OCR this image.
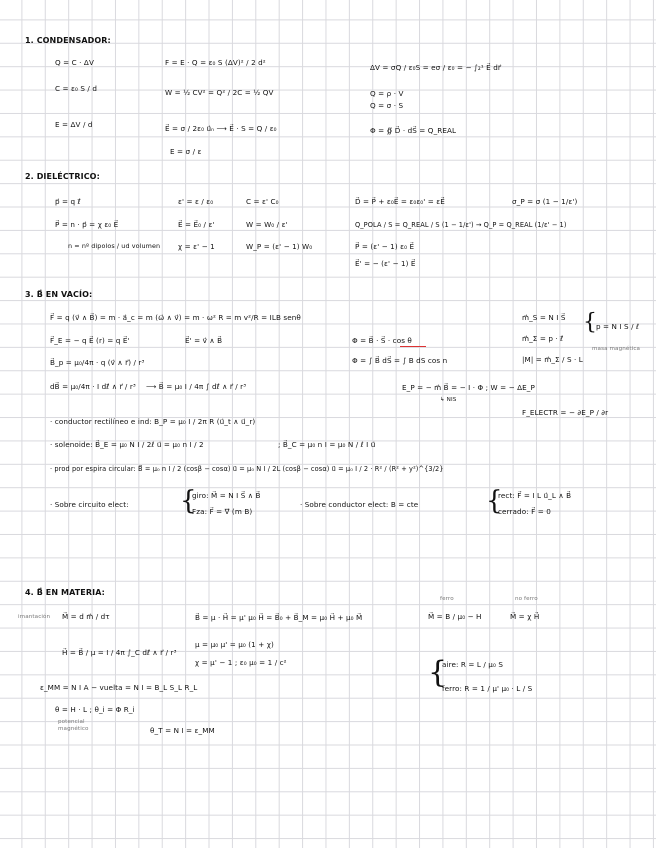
1. CONDENSADOR:
Q = C · ΔV
C = ε₀ S / d
E = ΔV / d
F = E · Q = ε₀ S (ΔV)² / 2 d²
W = ½ CV² = Q² / 2C = ½ QV
E⃗ = σ / 2ε₀ u⃗ₙ ⟶ E⃗ · S = Q / ε₀
E = σ / ε
ΔV = σQ / ε₀S = eσ / ε₀ = − ∫₂¹ E⃗ dr⃗
Q = ρ · V
Q = σ · S
Φ = ∯ D⃗ · dS⃗ = Q_REAL
2. DIELÉCTRICO:
p⃗ = q ℓ⃗
P⃗ = n · p⃗ = χ ε₀ E⃗
n = nº dipolos / ud volumen
ε' = ε / ε₀
E⃗ = E⃗₀ / ε'
χ = ε' − 1
C = ε' C₀
W = W₀ / ε'
W_P = (ε' − 1) W₀
D⃗ = P⃗ + ε₀E⃗ = ε₀ε₀' = εE⃗
Q_POLA / S = Q_REAL / S (1 − 1/ε') → Q_P = Q_REAL (1/ε' − 1)
P⃗ = (ε' − 1) ε₀ E⃗
E⃗' = − (ε' − 1) E⃗
σ_P = σ (1 − 1/ε')
3. B⃗ EN VACÍO:
F⃗ = q (v⃗ ∧ B⃗) = m · a⃗_c = m (ω⃗ ∧ v⃗) = m · ω² R = m v²/R = ILB senθ
F⃗_E = − q E⃗ (r) = q E⃗'	E⃗' = v⃗ ∧ B⃗	Φ = B⃗ · S⃗ · cos θ
B⃗_p = μ₀/4π · q (v⃗ ∧ r⃗) / r³	Φ = ∫ B⃗ dS⃗ = ∫ B dS cos n
dB⃗ = μ₀/4π · I dℓ⃗ ∧ r⃗ / r³ ⟶ B⃗ = μ₀ I / 4π ∫ dℓ⃗ ∧ r⃗ / r³	E_P = − m⃗ B⃗ = − I · Φ ; W = − ΔE_P
↳ NIS
m⃗_S = N I S⃗
m⃗_Σ = p · ℓ⃗
|M| = m⃗_Σ / S · L
{
p = N I S / ℓ
masa magnética
F_ELECTR = − ∂E_P / ∂r
· conductor rectilíneo e ind: B_P = μ₀ I / 2π R (u⃗_t ∧ u⃗_r)
· solenoide: B⃗_E = μ₀ N I / 2ℓ u⃗ = μ₀ n I / 2	; B⃗_C = μ₀ n I = μ₀ N / ℓ I u⃗
· prod por espira circular: B⃗ = μ₀ n I / 2 (cosβ − cosα) u⃗ = μ₀ N I / 2L (cosβ − cosα) u⃗ = μ₀ I / 2 · R² / (R² + y²)^{3/2}
· Sobre circuito elect: {
giro: M⃗ = N I S⃗ ∧ B⃗
Fza: F⃗ = ∇⃗ (m B)
· Sobre conductor elect: B = cte	{
rect: F⃗ = I L u⃗_L ∧ B⃗
cerrado: F⃗ = 0
4. B⃗ EN MATERIA:
imantación M⃗ = d m⃗ / dτ
H⃗ = B⃗ / μ = I / 4π ∫_C dℓ⃗ ∧ r⃗ / r³
ε_MM = N I A − vuelta = N I = B_L S_L R_L
θ = H · L ; θ_i = Φ R_i
potencial magnético
B⃗ = μ · H⃗ = μ' μ₀ H⃗ = B⃗₀ + B⃗_M = μ₀ H⃗ + μ₀ M⃗
μ = μ₀ μ' = μ₀ (1 + χ)
χ = μ' − 1 ; ε₀ μ₀ = 1 / c²
θ_T = N I = ε_MM
ferro	no ferro
M⃗ = B / μ₀ − H	M⃗ = χ H⃗
{
aire: R = L / μ₀ S
ferro: R = 1 / μ' μ₀ · L / S
